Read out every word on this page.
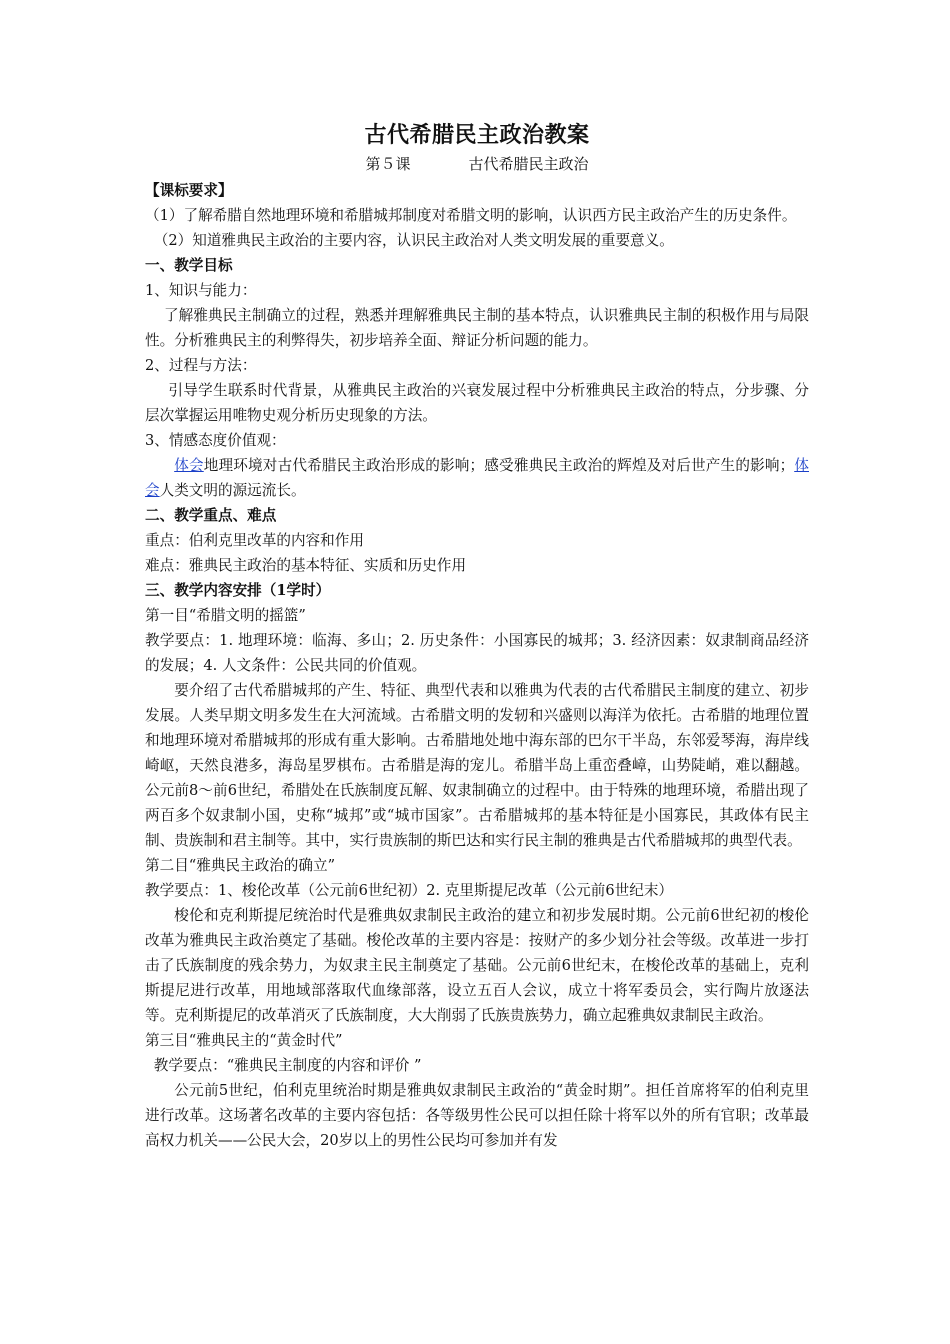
古代希腊民主政治教案
第５课	古代希腊民主政治

【课标要求】

（1）了解希腊自然地理环境和希腊城邦制度对希腊文明的影响，认识西方民主政治产生的历史条件。

（2）知道雅典民主政治的主要内容，认识民主政治对人类文明发展的重要意义。

一、教学目标

1、知识与能力：

了解雅典民主制确立的过程，熟悉并理解雅典民主制的基本特点，认识雅典民主制的积极作用与局限性。分析雅典民主的利弊得失，初步培养全面、辩证分析问题的能力。

2、过程与方法：

引导学生联系时代背景，从雅典民主政治的兴衰发展过程中分析雅典民主政治的特点，分步骤、分层次掌握运用唯物史观分析历史现象的方法。

3、情感态度价值观：

体会地理环境对古代希腊民主政治形成的影响；感受雅典民主政治的辉煌及对后世产生的影响；体会人类文明的源远流长。

二、教学重点、难点

重点：伯利克里改革的内容和作用

难点：雅典民主政治的基本特征、实质和历史作用

三、教学内容安排（1学时）

第一目“希腊文明的摇篮”

教学要点：1. 地理环境：临海、多山；2. 历史条件：小国寡民的城邦；3. 经济因素：奴隶制商品经济的发展；4. 人文条件：公民共同的价值观。

要介绍了古代希腊城邦的产生、特征、典型代表和以雅典为代表的古代希腊民主制度的建立、初步发展。人类早期文明多发生在大河流域。古希腊文明的发轫和兴盛则以海洋为依托。古希腊的地理位置和地理环境对希腊城邦的形成有重大影响。古希腊地处地中海东部的巴尔干半岛，东邻爱琴海，海岸线崎岖，天然良港多，海岛星罗棋布。古希腊是海的宠儿。希腊半岛上重峦叠嶂，山势陡峭，难以翻越。公元前8～前6世纪，希腊处在氏族制度瓦解、奴隶制确立的过程中。由于特殊的地理环境，希腊出现了两百多个奴隶制小国，史称“城邦”或“城市国家”。古希腊城邦的基本特征是小国寡民，其政体有民主制、贵族制和君主制等。其中，实行贵族制的斯巴达和实行民主制的雅典是古代希腊城邦的典型代表。

第二目“雅典民主政治的确立”

教学要点：1、梭伦改革（公元前6世纪初）2. 克里斯提尼改革（公元前6世纪末）

梭伦和克利斯提尼统治时代是雅典奴隶制民主政治的建立和初步发展时期。公元前6世纪初的梭伦改革为雅典民主政治奠定了基础。梭伦改革的主要内容是：按财产的多少划分社会等级。改革进一步打击了氏族制度的残余势力，为奴隶主民主制奠定了基础。公元前6世纪末，在梭伦改革的基础上，克利斯提尼进行改革，用地域部落取代血缘部落，设立五百人会议，成立十将军委员会，实行陶片放逐法等。克利斯提尼的改革消灭了氏族制度，大大削弱了氏族贵族势力，确立起雅典奴隶制民主政治。

第三目“雅典民主的“黄金时代”

教学要点：“雅典民主制度的内容和评价 ”

公元前5世纪，伯利克里统治时期是雅典奴隶制民主政治的“黄金时期”。担任首席将军的伯利克里进行改革。这场著名改革的主要内容包括：各等级男性公民可以担任除十将军以外的所有官职；改革最高权力机关——公民大会，20岁以上的男性公民均可参加并有发
